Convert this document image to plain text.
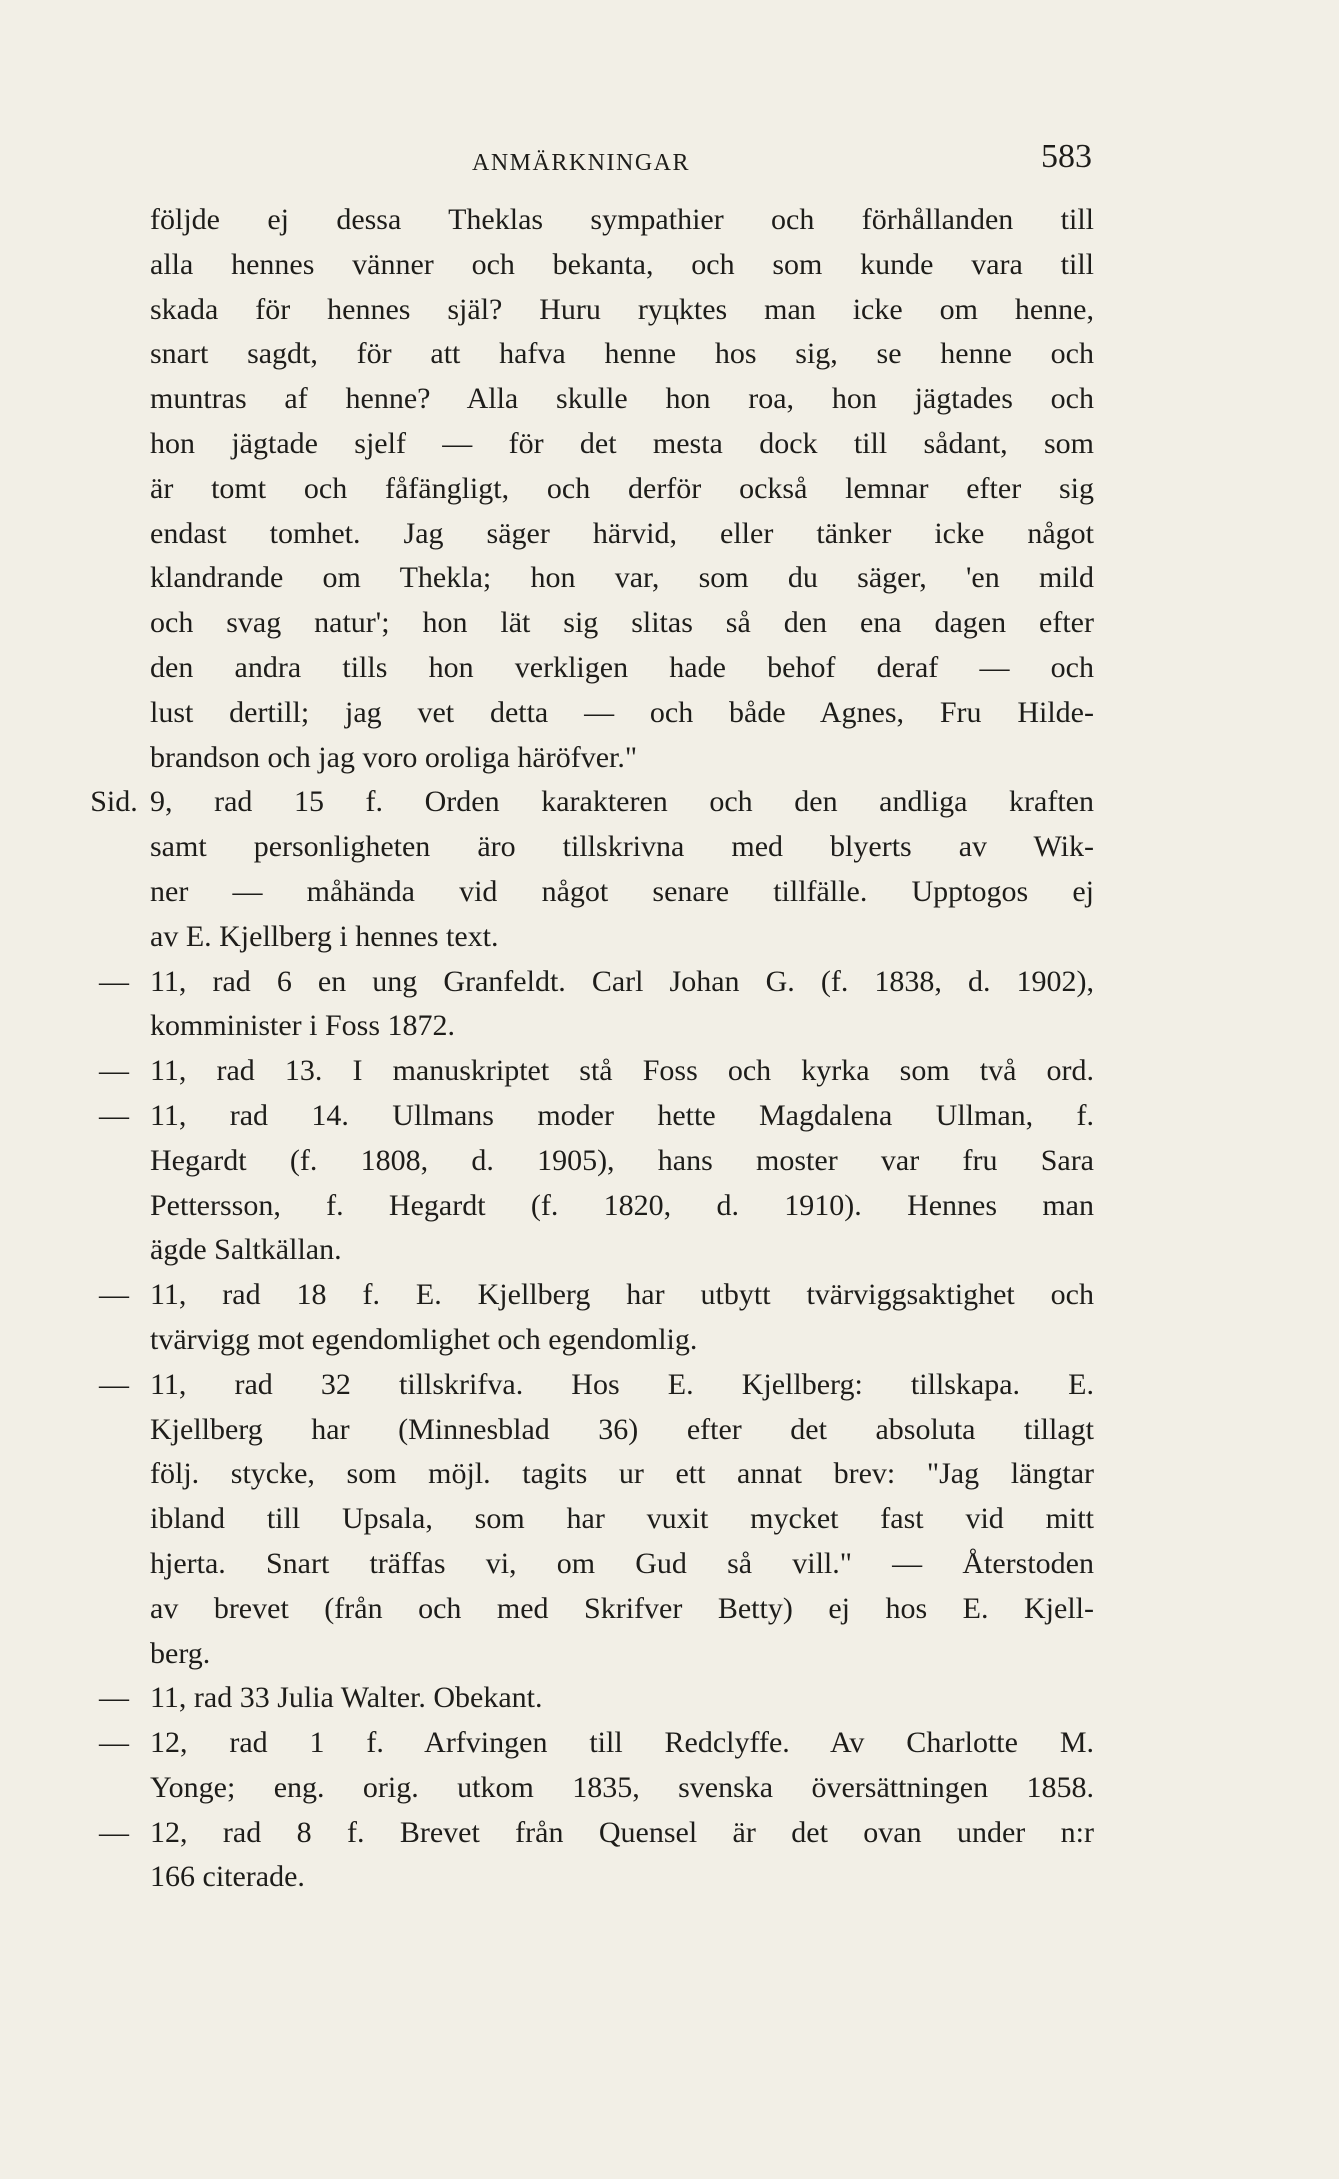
ANMÄRKNINGAR	583
följde ej dessa Theklas sympathier och förhållanden till
alla hennes vänner och bekanta, och som kunde vara till
skada för hennes själ? Huru ryцktes man icke om henne,
snart sagdt, för att hafva henne hos sig, se henne och
muntras af henne? Alla skulle hon roa, hon jägtades och
hon jägtade sjelf — för det mesta dock till sådant, som
är tomt och fåfängligt, och derför också lemnar efter sig
endast tomhet. Jag säger härvid, eller tänker icke något
klandrande om Thekla; hon var, som du säger, 'en mild
och svag natur'; hon lät sig slitas så den ena dagen efter
den andra tills hon verkligen hade behof deraf — och
lust dertill; jag vet detta — och både Agnes, Fru Hilde-
brandson och jag voro oroliga häröfver."
Sid. 9, rad 15 f. Orden karakteren och den andliga kraften
samt personligheten äro tillskrivna med blyerts av Wik-
ner — måhända vid något senare tillfälle. Upptogos ej
av E. Kjellberg i hennes text.
— 11, rad 6 en ung Granfeldt. Carl Johan G. (f. 1838, d. 1902),
komminister i Foss 1872.
— 11, rad 13. I manuskriptet stå Foss och kyrka som två ord.
— 11, rad 14. Ullmans moder hette Magdalena Ullman, f.
Hegardt (f. 1808, d. 1905), hans moster var fru Sara
Pettersson, f. Hegardt (f. 1820, d. 1910). Hennes man
ägde Saltkällan.
— 11, rad 18 f. E. Kjellberg har utbytt tvärviggsaktighet och
tvärvigg mot egendomlighet och egendomlig.
— 11, rad 32 tillskrifva. Hos E. Kjellberg: tillskapa. E.
Kjellberg har (Minnesblad 36) efter det absoluta tillagt
följ. stycke, som möjl. tagits ur ett annat brev: "Jag längtar
ibland till Upsala, som har vuxit mycket fast vid mitt
hjerta. Snart träffas vi, om Gud så vill." — Återstoden
av brevet (från och med Skrifver Betty) ej hos E. Kjell-
berg.
— 11, rad 33 Julia Walter. Obekant.
— 12, rad 1 f. Arfvingen till Redclyffe. Av Charlotte M.
Yonge; eng. orig. utkom 1835, svenska översättningen 1858.
— 12, rad 8 f. Brevet från Quensel är det ovan under n:r
166 citerade.
